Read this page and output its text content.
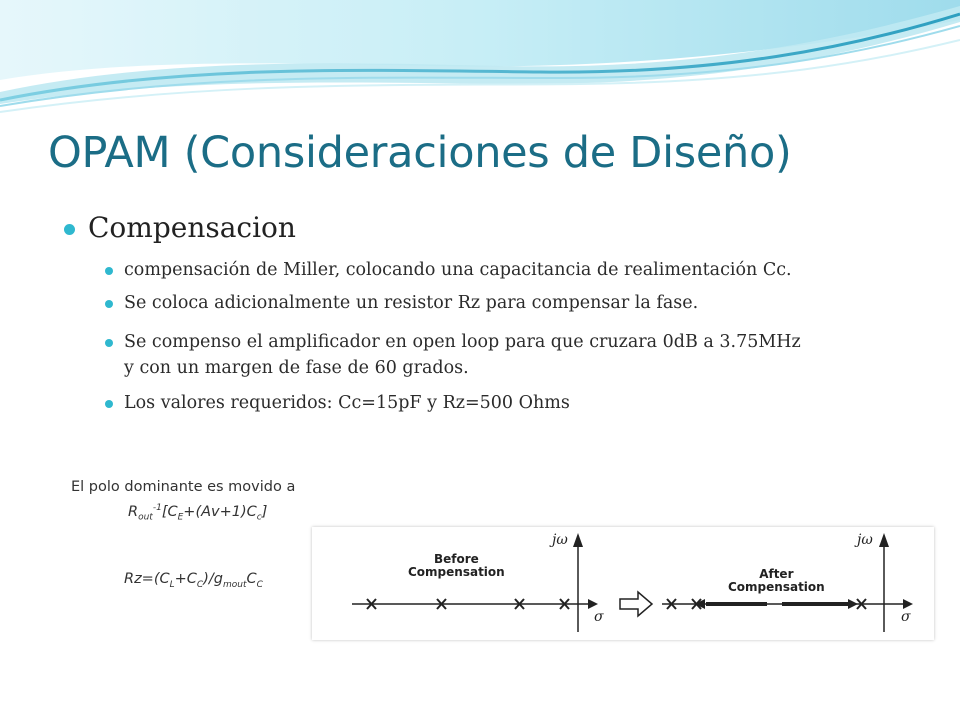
OPAM (Consideraciones de Diseño)
Compensacion
compensación de Miller, colocando una capacitancia de realimentación Cc.
Se coloca adicionalmente un resistor Rz para compensar la fase.
Se compenso el amplificador en open loop para que cruzara 0dB a 3.75MHz
y con un margen de fase de 60 grados.
Los valores requeridos: Cc=15pF y Rz=500 Ohms
El polo dominante es movido a
$R_{out}^{-1}[C_E+(Av+1)C_c]$
$Rz=(C_L+C_C)/g_{mout}C_C$
Before
Compensation	After
Compensation
jω
σ
jω
σ
